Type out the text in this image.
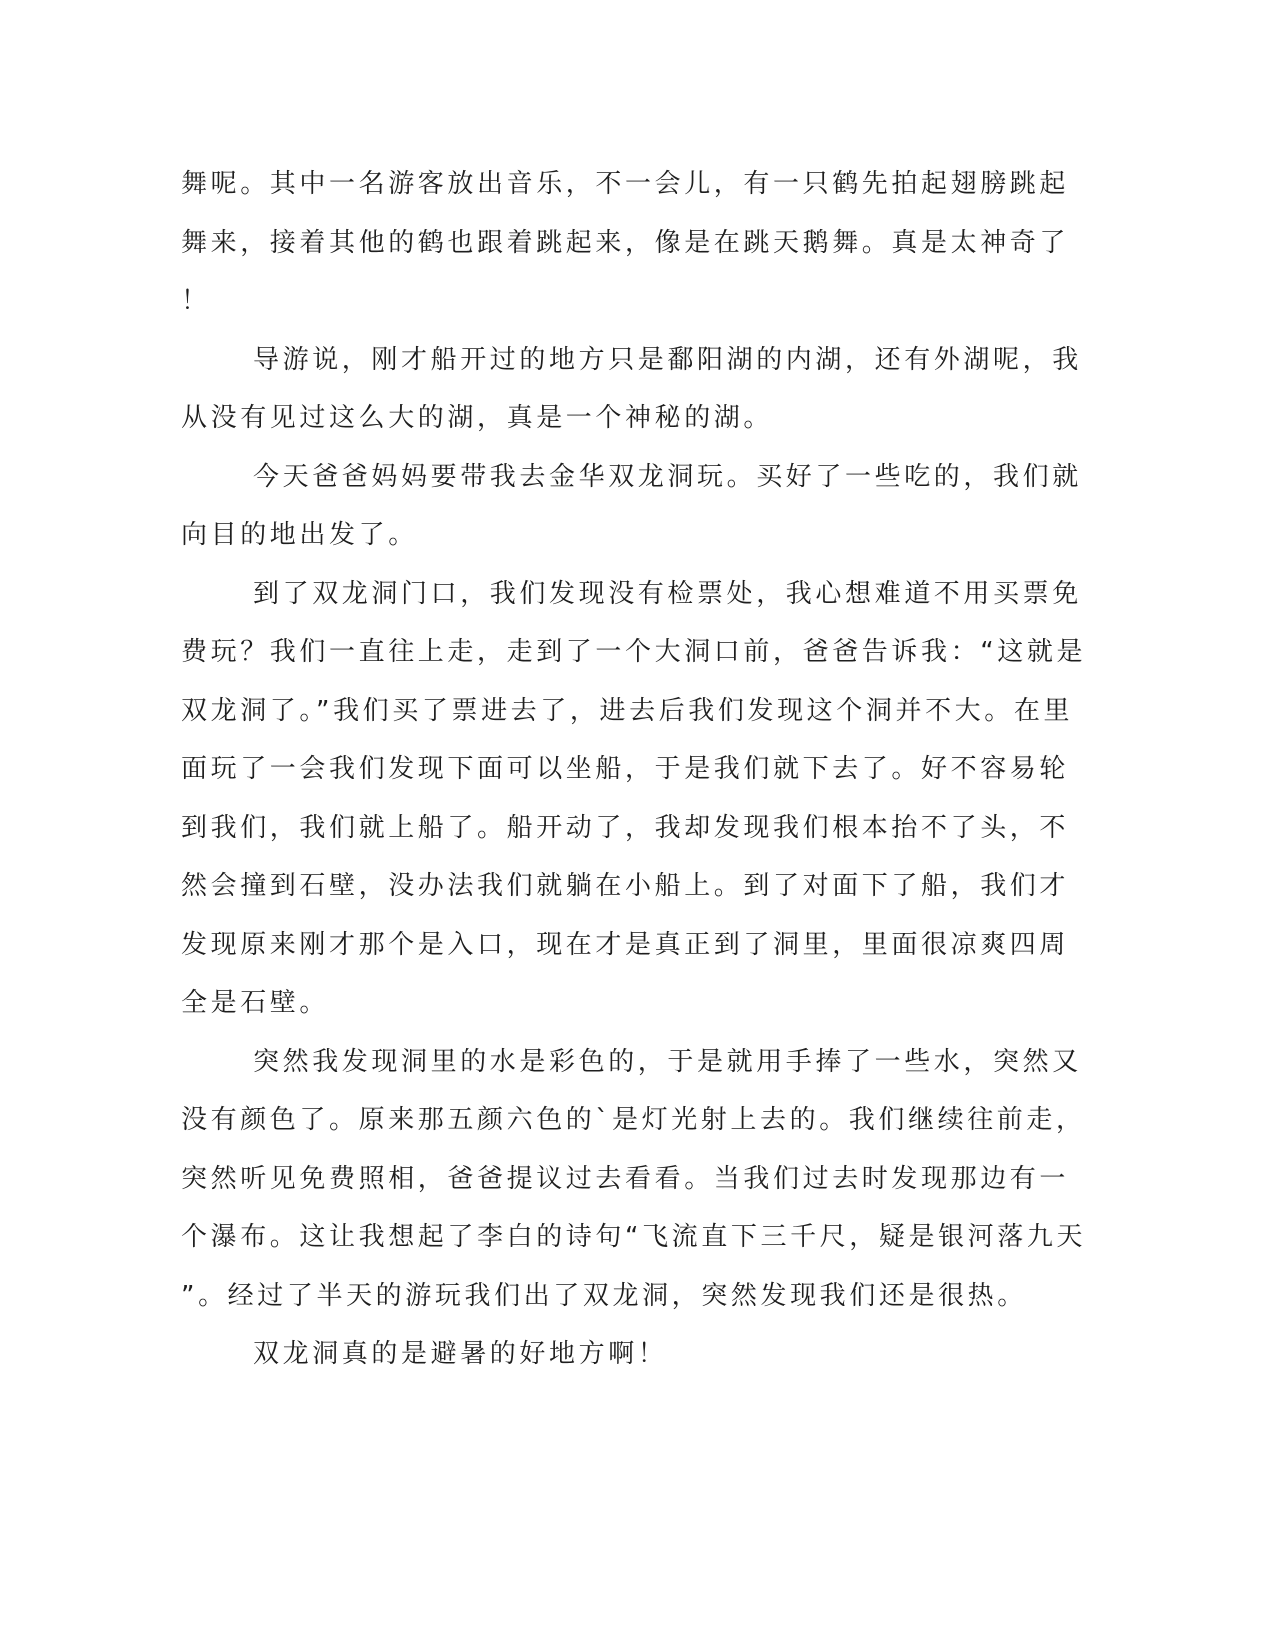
舞呢。其中一名游客放出音乐，不一会儿，有一只鹤先拍起翅膀跳起
舞来，接着其他的鹤也跟着跳起来，像是在跳天鹅舞。真是太神奇了
！
导游说，刚才船开过的地方只是鄱阳湖的内湖，还有外湖呢，我
从没有见过这么大的湖，真是一个神秘的湖。
今天爸爸妈妈要带我去金华双龙洞玩。买好了一些吃的，我们就
向目的地出发了。
到了双龙洞门口，我们发现没有检票处，我心想难道不用买票免
费玩？我们一直往上走，走到了一个大洞口前，爸爸告诉我：“这就是
双龙洞了。”我们买了票进去了，进去后我们发现这个洞并不大。在里
面玩了一会我们发现下面可以坐船，于是我们就下去了。好不容易轮
到我们，我们就上船了。船开动了，我却发现我们根本抬不了头，不
然会撞到石壁，没办法我们就躺在小船上。到了对面下了船，我们才
发现原来刚才那个是入口，现在才是真正到了洞里，里面很凉爽四周
全是石壁。
突然我发现洞里的水是彩色的，于是就用手捧了一些水，突然又
没有颜色了。原来那五颜六色的`是灯光射上去的。我们继续往前走，
突然听见免费照相，爸爸提议过去看看。当我们过去时发现那边有一
个瀑布。这让我想起了李白的诗句“飞流直下三千尺，疑是银河落九天
”。经过了半天的游玩我们出了双龙洞，突然发现我们还是很热。
双龙洞真的是避暑的好地方啊！
